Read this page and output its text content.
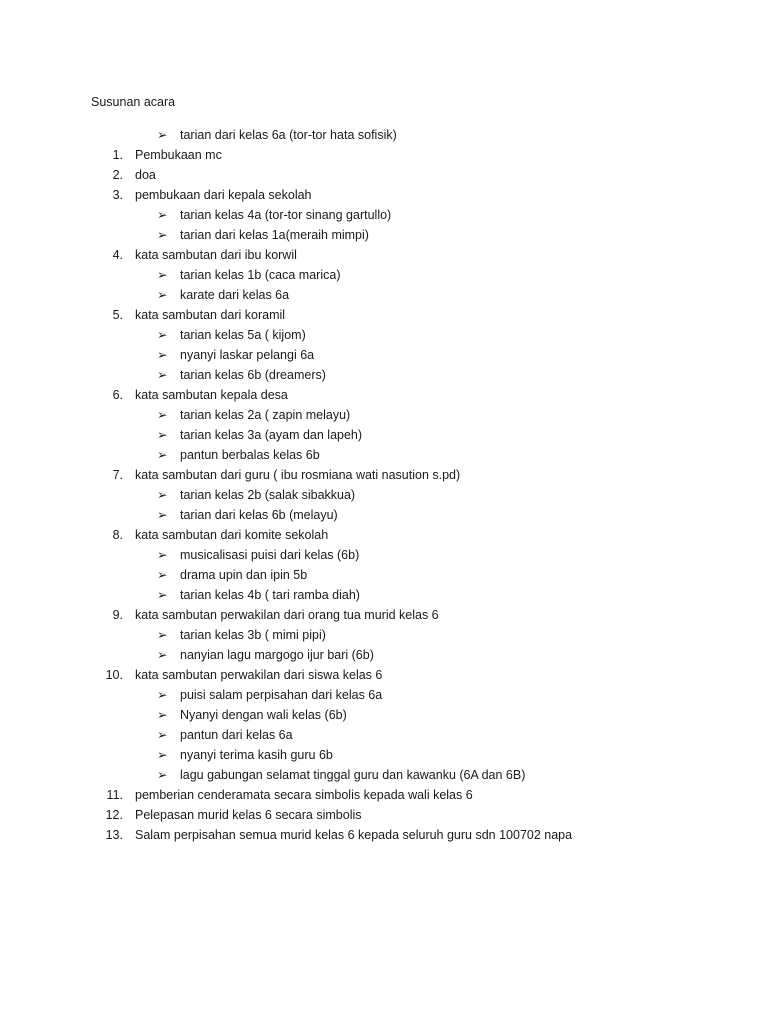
Susunan acara
➢ tarian dari kelas 6a (tor-tor hata sofisik)
1. Pembukaan mc
2. doa
3. pembukaan dari kepala sekolah
➢ tarian kelas 4a (tor-tor sinang gartullo)
➢ tarian dari kelas 1a(meraih mimpi)
4. kata sambutan dari ibu korwil
➢ tarian kelas 1b (caca marica)
➢ karate dari kelas 6a
5. kata sambutan dari koramil
➢ tarian kelas 5a ( kijom)
➢ nyanyi laskar pelangi 6a
➢ tarian kelas 6b (dreamers)
6. kata sambutan kepala desa
➢ tarian kelas 2a ( zapin melayu)
➢ tarian kelas 3a (ayam dan lapeh)
➢ pantun berbalas kelas 6b
7. kata sambutan dari guru ( ibu rosmiana wati nasution s.pd)
➢ tarian kelas 2b (salak sibakkua)
➢ tarian dari kelas 6b (melayu)
8. kata sambutan dari komite sekolah
➢ musicalisasi puisi dari kelas (6b)
➢ drama upin dan ipin 5b
➢ tarian kelas 4b ( tari ramba diah)
9. kata sambutan perwakilan dari orang tua murid kelas 6
➢ tarian kelas 3b ( mimi pipi)
➢ nanyian lagu margogo ijur bari (6b)
10. kata sambutan perwakilan dari siswa kelas 6
➢ puisi salam perpisahan dari kelas 6a
➢ Nyanyi dengan wali kelas (6b)
➢ pantun dari kelas 6a
➢ nyanyi terima kasih guru 6b
➢ lagu gabungan selamat tinggal guru dan kawanku (6A dan 6B)
11. pemberian cenderamata secara simbolis kepada wali kelas 6
12. Pelepasan murid kelas 6 secara simbolis
13. Salam perpisahan semua murid kelas 6 kepada seluruh guru sdn 100702 napa
